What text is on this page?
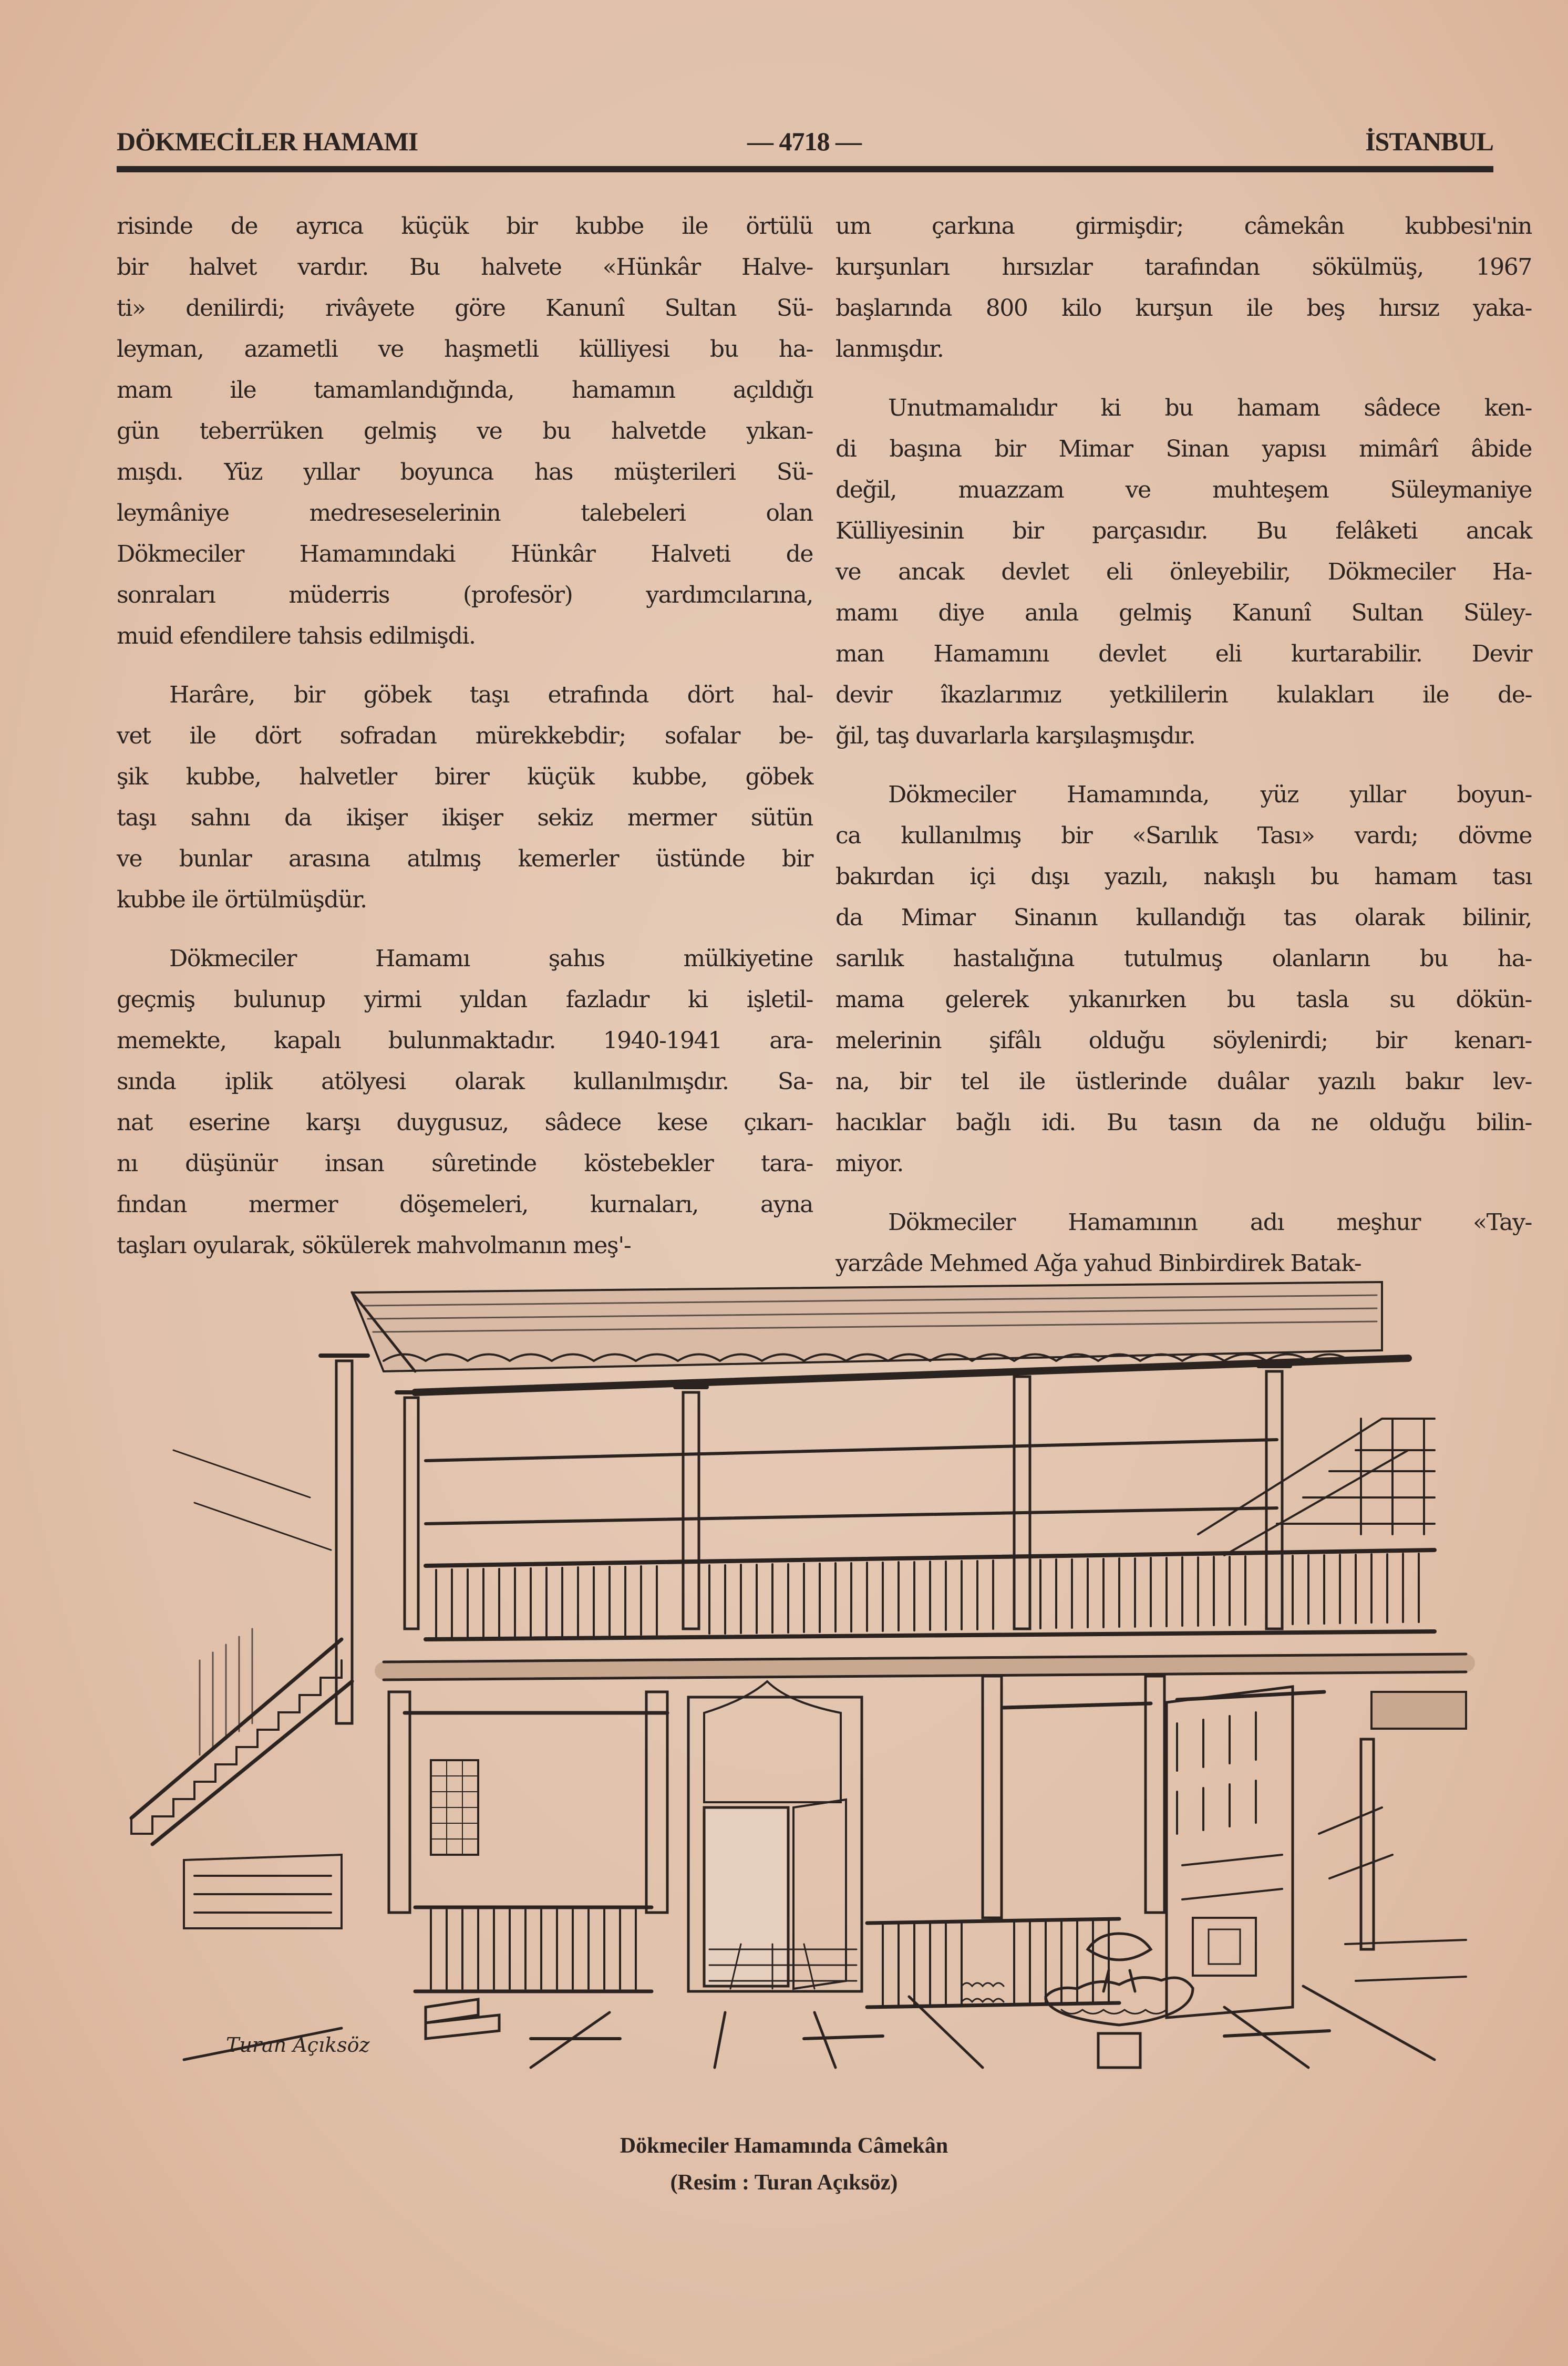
DÖKMECİLER HAMAMI	— 4718 —	İSTANBUL
risinde de ayrıca küçük bir kubbe ile örtülü
bir halvet vardır. Bu halvete «Hünkâr Halve-
ti» denilirdi; rivâyete göre Kanunî Sultan Sü-
leyman, azametli ve haşmetli külliyesi bu ha-
mam ile tamamlandığında, hamamın açıldığı
gün teberrüken gelmiş ve bu halvetde yıkan-
mışdı. Yüz yıllar boyunca has müşterileri Sü-
leymâniye medreseselerinin talebeleri olan
Dökmeciler Hamamındaki Hünkâr Halveti de
sonraları müderris (profesör) yardımcılarına,
muid efendilere tahsis edilmişdi.
Harâre, bir göbek taşı etrafında dört hal-
vet ile dört sofradan mürekkebdir; sofalar be-
şik kubbe, halvetler birer küçük kubbe, göbek
taşı sahnı da ikişer ikişer sekiz mermer sütün
ve bunlar arasına atılmış kemerler üstünde bir
kubbe ile örtülmüşdür.
Dökmeciler Hamamı şahıs mülkiyetine
geçmiş bulunup yirmi yıldan fazladır ki işletil-
memekte, kapalı bulunmaktadır. 1940-1941 ara-
sında iplik atölyesi olarak kullanılmışdır. Sa-
nat eserine karşı duygusuz, sâdece kese çıkarı-
nı düşünür insan sûretinde köstebekler tara-
fından mermer döşemeleri, kurnaları, ayna
taşları oyularak, sökülerek mahvolmanın meş'-
um çarkına girmişdir; câmekân kubbesi'nin
kurşunları hırsızlar tarafından sökülmüş, 1967
başlarında 800 kilo kurşun ile beş hırsız yaka-
lanmışdır.
Unutmamalıdır ki bu hamam sâdece ken-
di başına bir Mimar Sinan yapısı mimârî âbide
değil, muazzam ve muhteşem Süleymaniye
Külliyesinin bir parçasıdır. Bu felâketi ancak
ve ancak devlet eli önleyebilir, Dökmeciler Ha-
mamı diye anıla gelmiş Kanunî Sultan Süley-
man Hamamını devlet eli kurtarabilir. Devir
devir îkazlarımız yetkililerin kulakları ile de-
ğil, taş duvarlarla karşılaşmışdır.
Dökmeciler Hamamında, yüz yıllar boyun-
ca kullanılmış bir «Sarılık Tası» vardı; dövme
bakırdan içi dışı yazılı, nakışlı bu hamam tası
da Mimar Sinanın kullandığı tas olarak bilinir,
sarılık hastalığına tutulmuş olanların bu ha-
mama gelerek yıkanırken bu tasla su dökün-
melerinin şifâlı olduğu söylenirdi; bir kenarı-
na, bir tel ile üstlerinde duâlar yazılı bakır lev-
hacıklar bağlı idi. Bu tasın da ne olduğu bilin-
miyor.
Dökmeciler Hamamının adı meşhur «Tay-
yarzâde Mehmed Ağa yahud Binbirdirek Batak-
Turan Açıksöz
Dökmeciler Hamamında Câmekân
(Resim : Turan Açıksöz)
